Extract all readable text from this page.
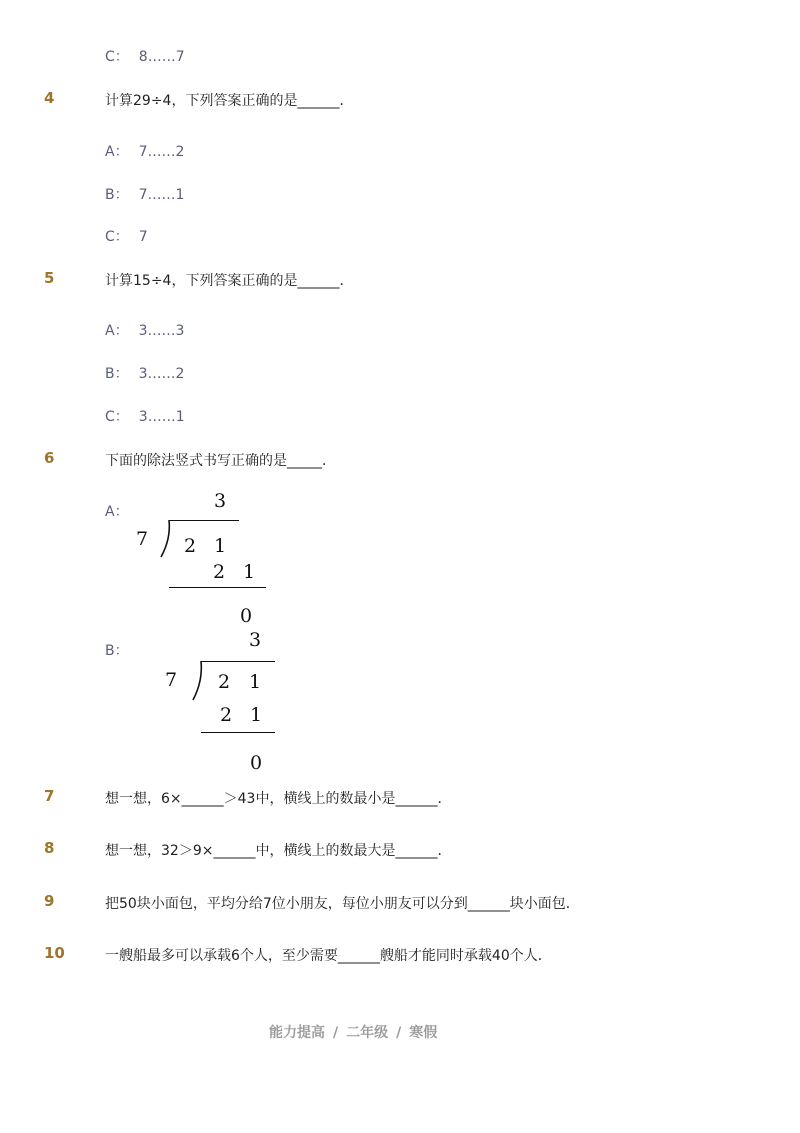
C： 8……7
4	计算29÷4，下列答案正确的是______．
A： 7……2
B： 7……1
C： 7
5	计算15÷4，下列答案正确的是______．
A： 3……3
B： 3……2
C： 3……1
6	下面的除法竖式书写正确的是_____．
A：	3
7 2 1
2 1
0
B：	3
7 2 1
2 1
0
7	想一想，6×______＞43中，横线上的数最小是______．
8	想一想，32＞9×______中，横线上的数最大是______．
9	把50块小面包，平均分给7位小朋友，每位小朋友可以分到______块小面包．
10	一艘船最多可以承载6个人，至少需要______艘船才能同时承载40个人．
能力提高 / 二年级 / 寒假
